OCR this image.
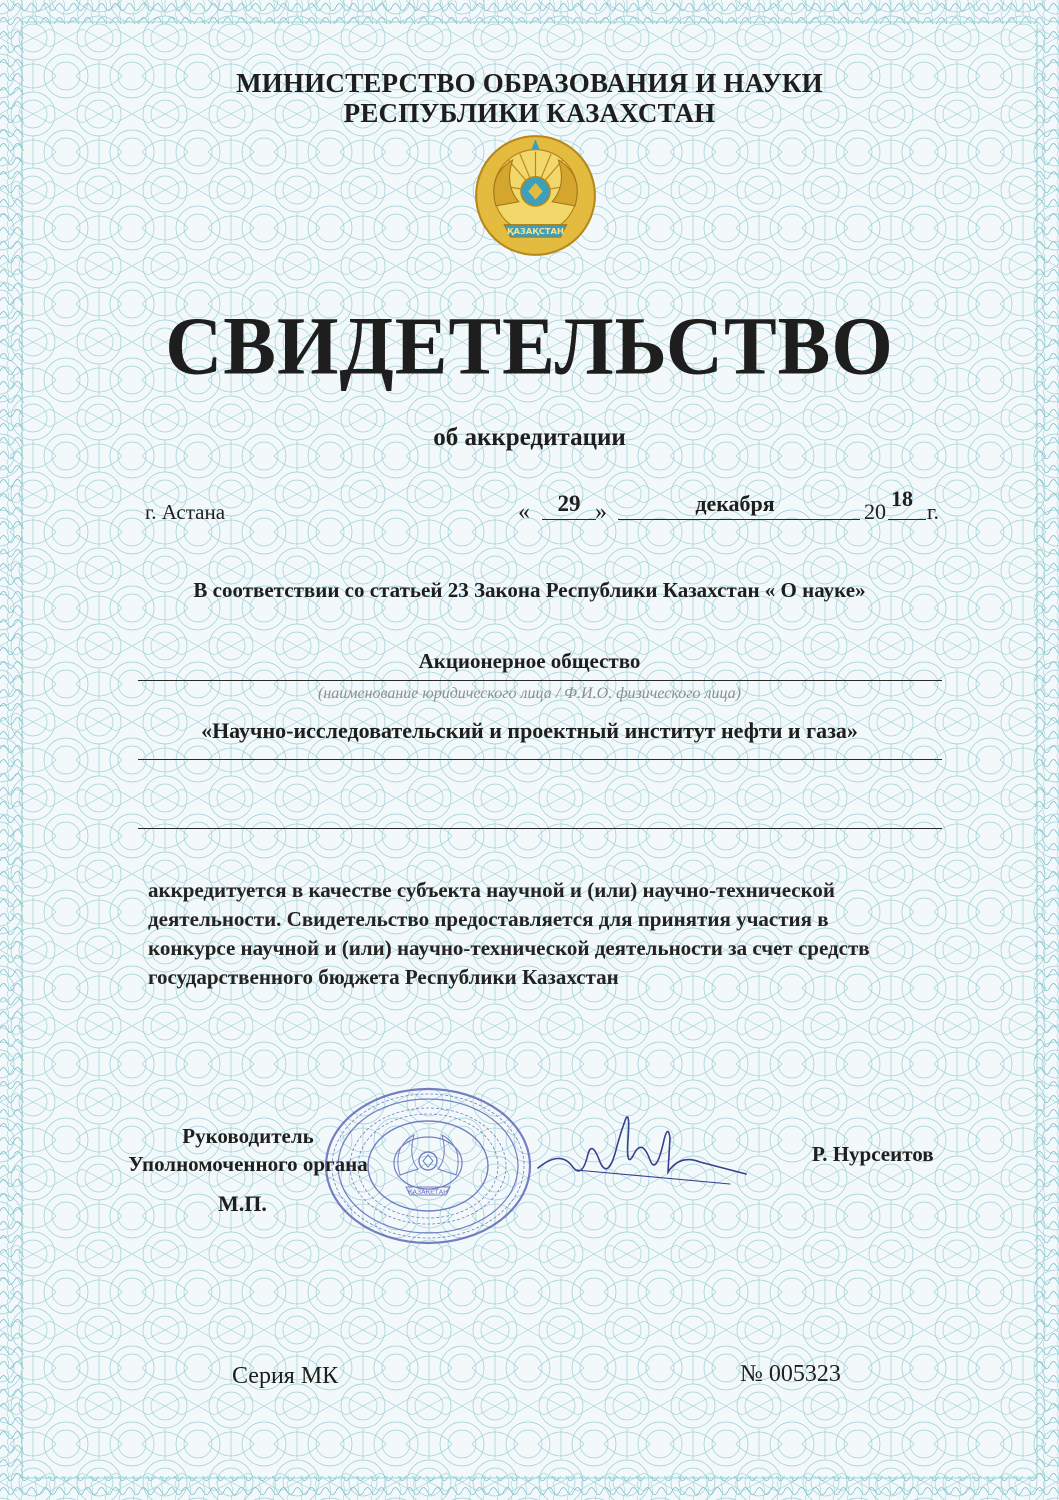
МИНИСТЕРСТВО ОБРАЗОВАНИЯ И НАУКИ
РЕСПУБЛИКИ КАЗАХСТАН
ҚАЗАҚСТАН
СВИДЕТЕЛЬСТВО
об аккредитации
г. Астана	«	29 »	декабря	20
18
г.
В соответствии со статьей 23 Закона Республики Казахстан « О науке»
Акционерное общество
(наименование юридического лица / Ф.И.О. физического лица)
«Научно-исследовательский и проектный институт нефти и газа»
аккредитуется в качестве субъекта научной и (или) научно-технической
деятельности. Свидетельство предоставляется для принятия участия в
конкурсе научной и (или) научно-технической деятельности за счет средств
государственного бюджета Республики Казахстан
ҚАЗАҚСТАН
Руководитель
Уполномоченного органа
М.П.
Р. Нурсеитов
Серия МК	№ 005323
